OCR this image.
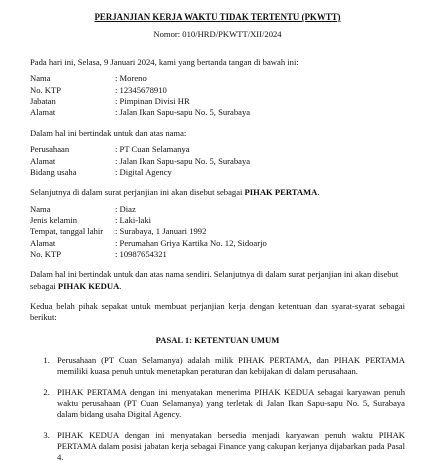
PERJANJIAN KERJA WAKTU TIDAK TERTENTU (PKWTT)
Nomor: 010/HRD/PKWTT/XII/2024

Pada hari ini, Selasa, 9 Januari 2024, kami yang bertanda tangan di bawah ini:

Nama	: Moreno
No. KTP	: 12345678910
Jabatan	: Pimpinan Divisi HR
Alamat	: Jalan Ikan Sapu-sapu No. 5, Surabaya

Dalam hal ini bertindak untuk dan atas nama:

Perusahaan	: PT Cuan Selamanya
Alamat	: Jalan Ikan Sapu-sapu No. 5, Surabaya
Bidang usaha	: Digital Agency

Selanjutnya di dalam surat perjanjian ini akan disebut sebagai PIHAK PERTAMA.

Nama	: Diaz
Jenis kelamin	: Laki-laki
Tempat, tanggal lahir	: Surabaya, 1 Januari 1992
Alamat	: Perumahan Griya Kartika No. 12, Sidoarjo
No. KTP	: 10987654321

Dalam hal ini bertindak untuk dan atas nama sendiri. Selanjutnya di dalam surat perjanjian ini akan disebut sebagai PIHAK KEDUA.

Kedua belah pihak sepakat untuk membuat perjanjian kerja dengan ketentuan dan syarat-syarat sebagai berikut:

PASAL 1: KETENTUAN UMUM
1. Perusahaan (PT Cuan Selamanya) adalah milik PIHAK PERTAMA, dan PIHAK PERTAMA memiliki kuasa penuh untuk menetapkan peraturan dan kebijakan di dalam perusahaan.
2. PIHAK PERTAMA dengan ini menyatakan menerima PIHAK KEDUA sebagai karyawan penuh waktu perusahaan (PT Cuan Selamanya) yang terletak di Jalan Ikan Sapu-sapu No. 5, Surabaya dalam bidang usaha Digital Agency.
3. PIHAK KEDUA dengan ini menyatakan bersedia menjadi karyawan penuh waktu PIHAK PERTAMA dalam posisi jabatan kerja sebagai Finance yang cakupan kerjanya dijabarkan pada Pasal 4.
